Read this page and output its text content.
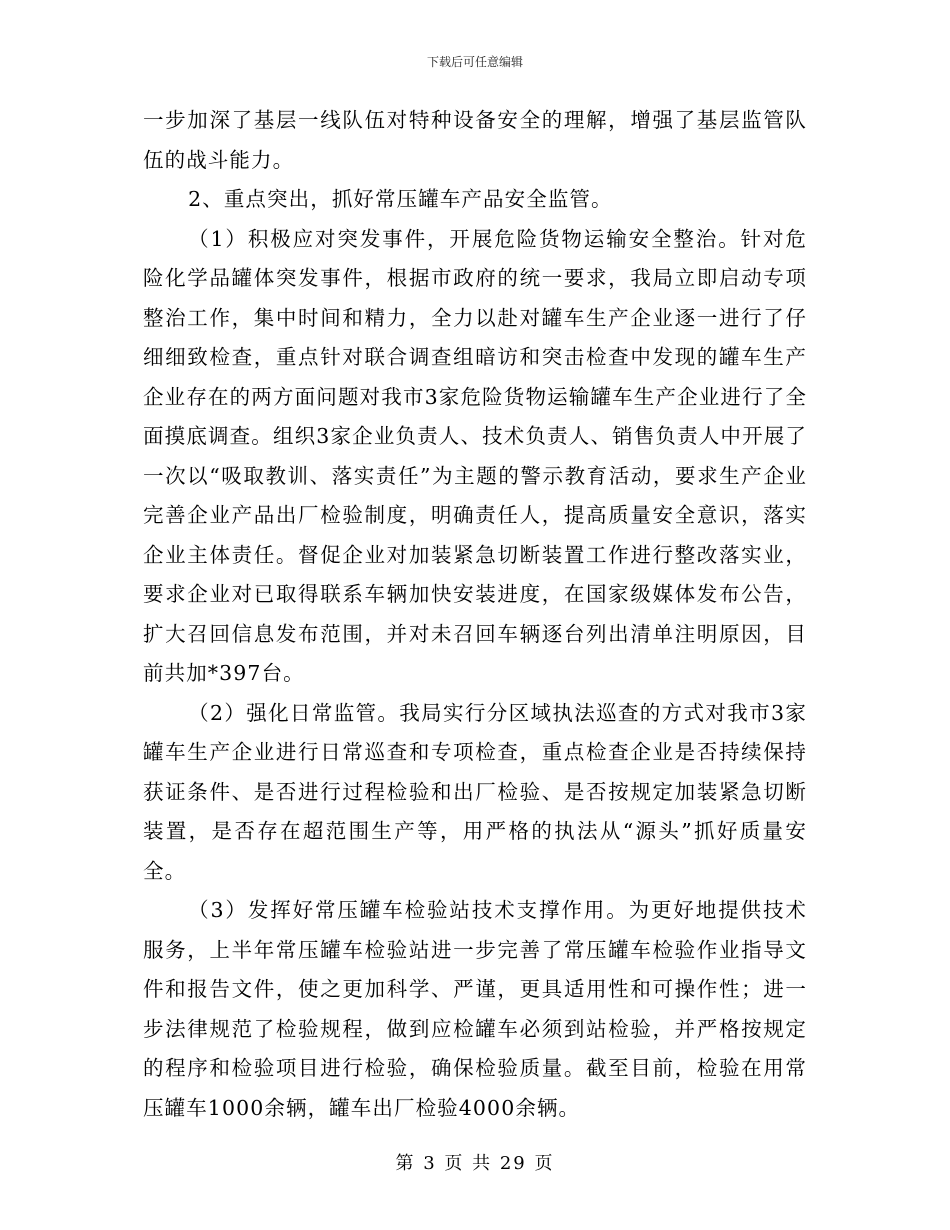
下载后可任意编辑

一步加深了基层一线队伍对特种设备安全的理解，增强了基层监管队伍的战斗能力。

2、重点突出，抓好常压罐车产品安全监管。

（1）积极应对突发事件，开展危险货物运输安全整治。针对危险化学品罐体突发事件，根据市政府的统一要求，我局立即启动专项整治工作，集中时间和精力，全力以赴对罐车生产企业逐一进行了仔细细致检查，重点针对联合调查组暗访和突击检查中发现的罐车生产企业存在的两方面问题对我市3家危险货物运输罐车生产企业进行了全面摸底调查。组织3家企业负责人、技术负责人、销售负责人中开展了一次以“吸取教训、落实责任”为主题的警示教育活动，要求生产企业完善企业产品出厂检验制度，明确责任人，提高质量安全意识，落实企业主体责任。督促企业对加装紧急切断装置工作进行整改落实业，要求企业对已取得联系车辆加快安装进度，在国家级媒体发布公告，扩大召回信息发布范围，并对未召回车辆逐台列出清单注明原因，目前共加*397台。

（2）强化日常监管。我局实行分区域执法巡查的方式对我市3家罐车生产企业进行日常巡查和专项检查，重点检查企业是否持续保持获证条件、是否进行过程检验和出厂检验、是否按规定加装紧急切断装置，是否存在超范围生产等，用严格的执法从“源头”抓好质量安全。

（3）发挥好常压罐车检验站技术支撑作用。为更好地提供技术服务，上半年常压罐车检验站进一步完善了常压罐车检验作业指导文件和报告文件，使之更加科学、严谨，更具适用性和可操作性；进一步法律规范了检验规程，做到应检罐车必须到站检验，并严格按规定的程序和检验项目进行检验，确保检验质量。截至目前，检验在用常压罐车1000余辆，罐车出厂检验4000余辆。

第 3 页 共 29 页
